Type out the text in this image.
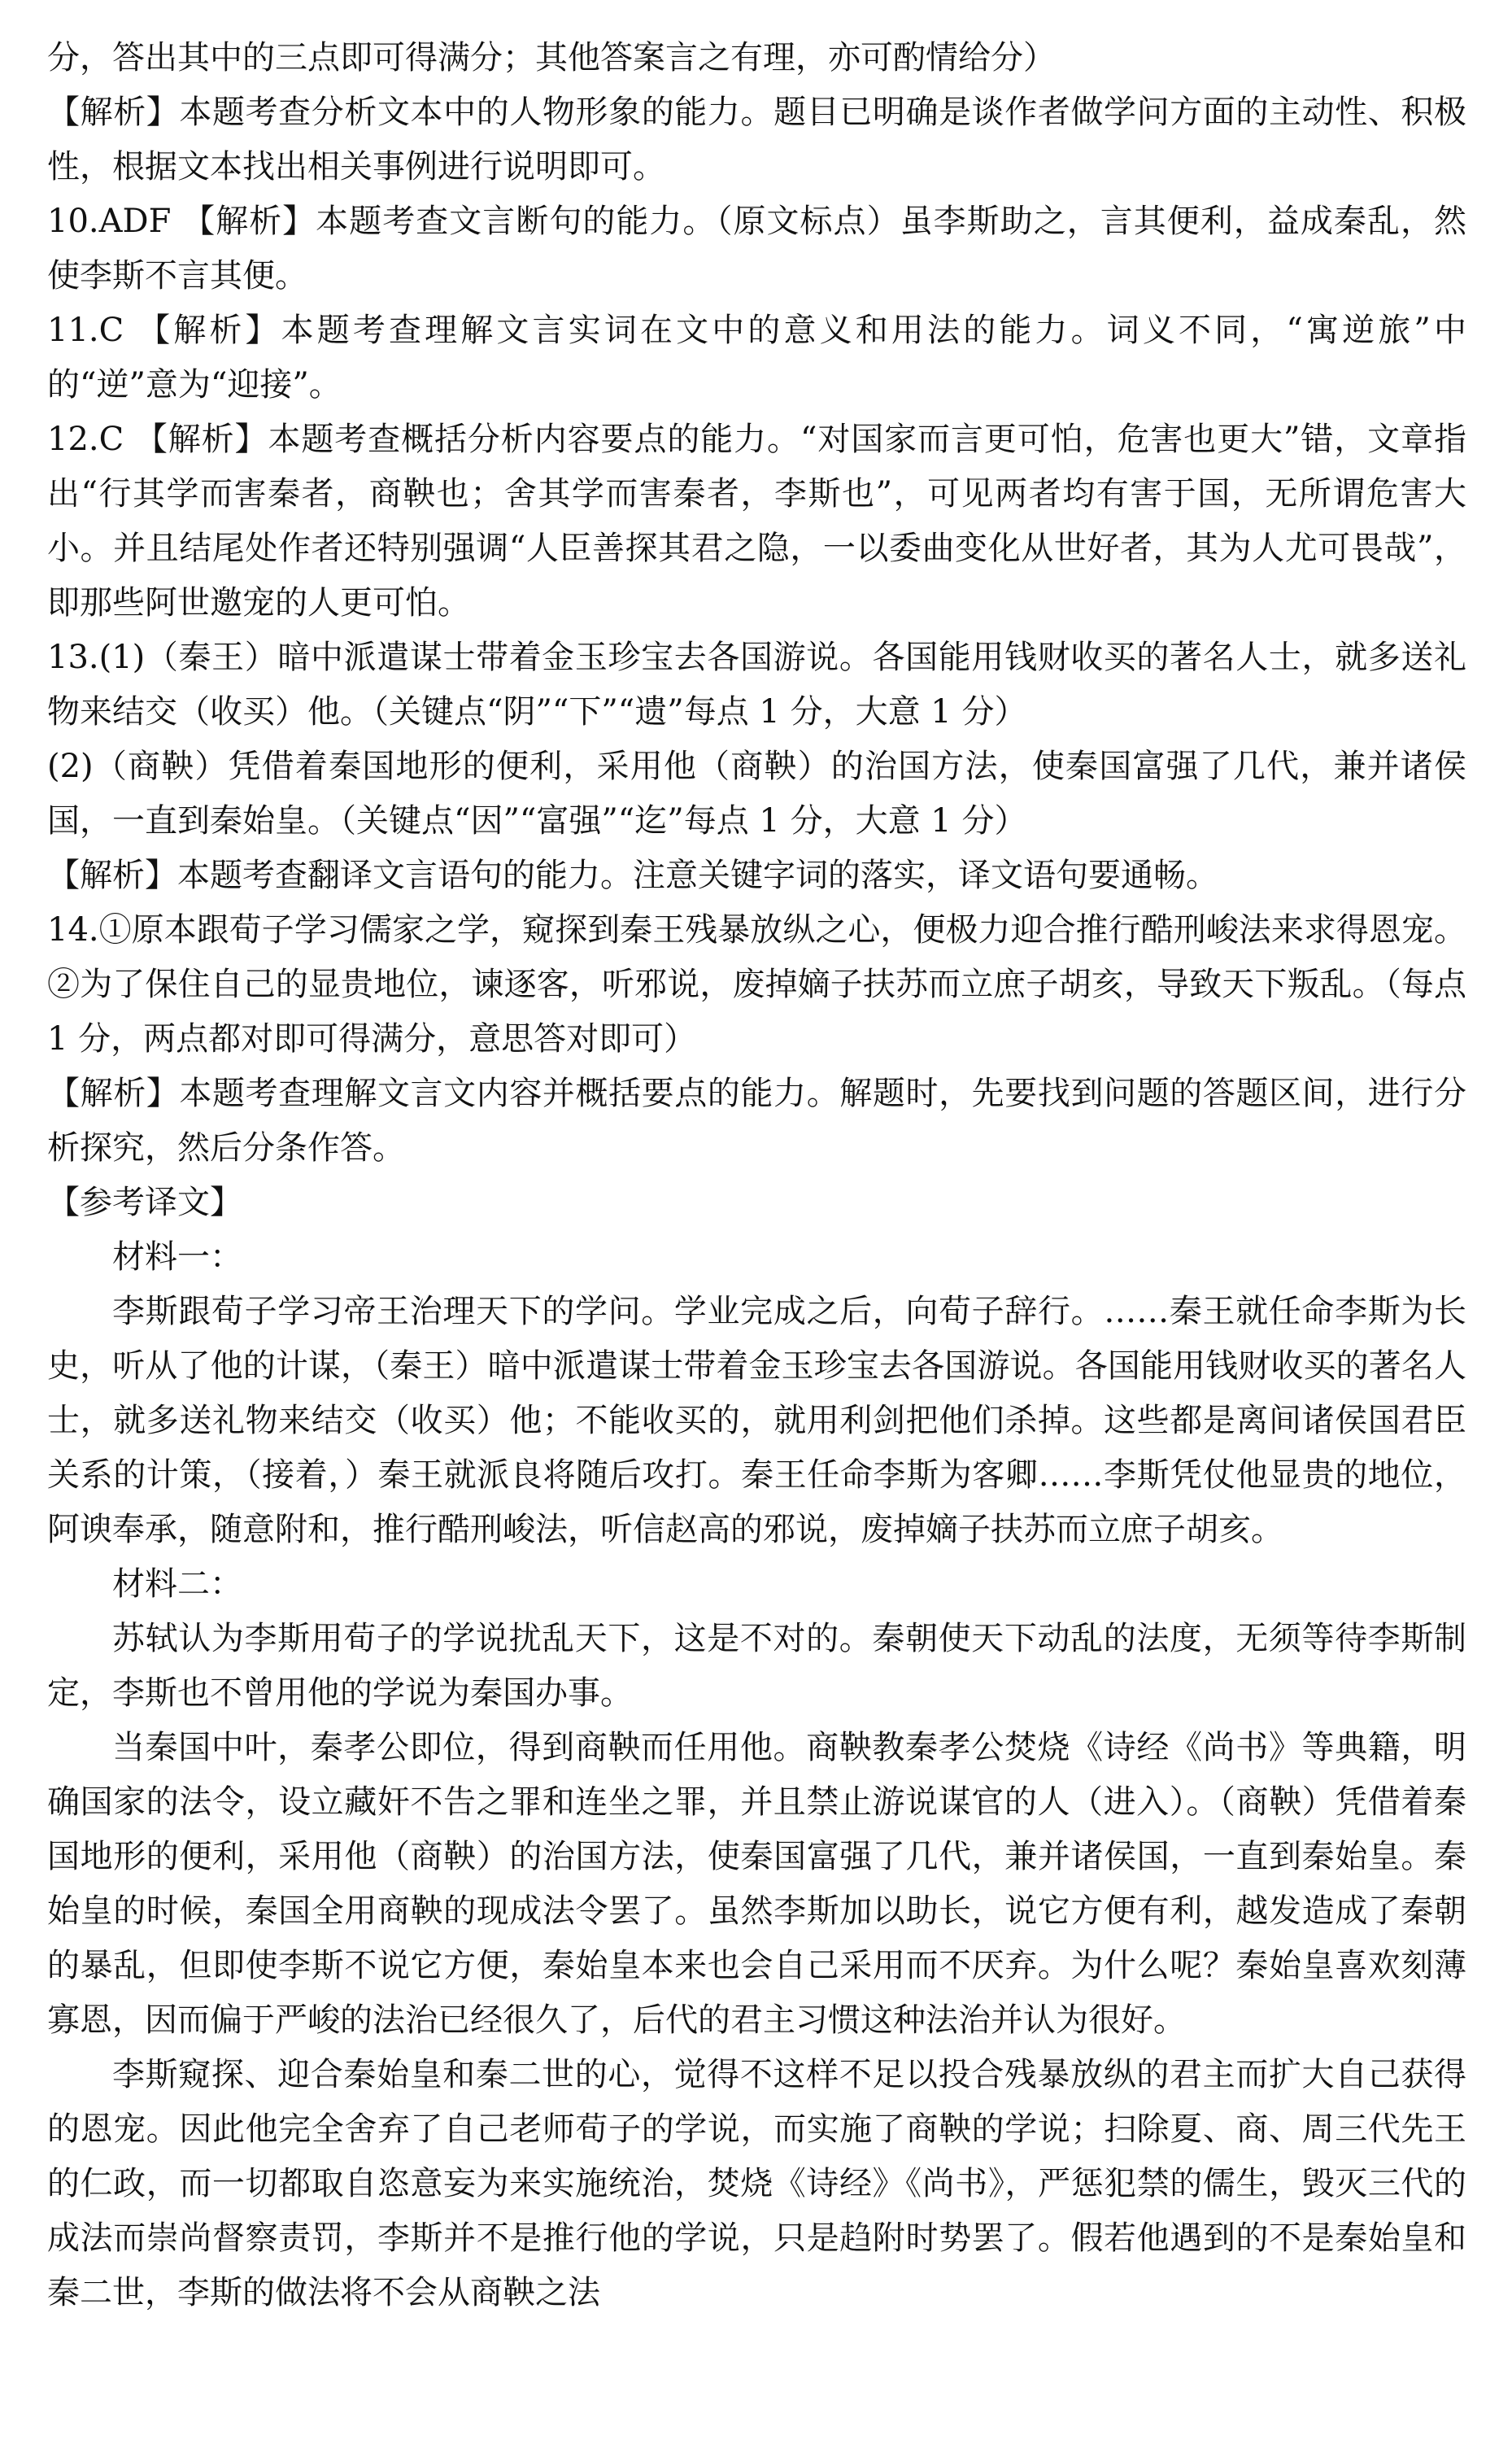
分，答出其中的三点即可得满分；其他答案言之有理，亦可酌情给分）

【解析】本题考查分析文本中的人物形象的能力。题目已明确是谈作者做学问方面的主动性、积极性，根据文本找出相关事例进行说明即可。

10.ADF 【解析】本题考查文言断句的能力。（原文标点）虽李斯助之，言其便利，益成秦乱，然使李斯不言其便。

11.C 【解析】本题考查理解文言实词在文中的意义和用法的能力。词义不同，“寓逆旅”中的“逆”意为“迎接”。

12.C 【解析】本题考查概括分析内容要点的能力。“对国家而言更可怕，危害也更大”错，文章指出“行其学而害秦者，商鞅也；舍其学而害秦者，李斯也”，可见两者均有害于国，无所谓危害大小。并且结尾处作者还特别强调“人臣善探其君之隐，一以委曲变化从世好者，其为人尤可畏哉”，即那些阿世邀宠的人更可怕。

13.(1)（秦王）暗中派遣谋士带着金玉珍宝去各国游说。各国能用钱财收买的著名人士，就多送礼物来结交（收买）他。（关键点“阴”“下”“遗”每点 1 分，大意 1 分）

(2)（商鞅）凭借着秦国地形的便利，采用他（商鞅）的治国方法，使秦国富强了几代，兼并诸侯国，一直到秦始皇。（关键点“因”“富强”“迄”每点 1 分，大意 1 分）

【解析】本题考查翻译文言语句的能力。注意关键字词的落实，译文语句要通畅。

14.①原本跟荀子学习儒家之学，窥探到秦王残暴放纵之心，便极力迎合推行酷刑峻法来求得恩宠。②为了保住自己的显贵地位，谏逐客，听邪说，废掉嫡子扶苏而立庶子胡亥，导致天下叛乱。（每点 1 分，两点都对即可得满分，意思答对即可）

【解析】本题考查理解文言文内容并概括要点的能力。解题时，先要找到问题的答题区间，进行分析探究，然后分条作答。

【参考译文】

材料一：

李斯跟荀子学习帝王治理天下的学问。学业完成之后，向荀子辞行。……秦王就任命李斯为长史，听从了他的计谋，（秦王）暗中派遣谋士带着金玉珍宝去各国游说。各国能用钱财收买的著名人士，就多送礼物来结交（收买）他；不能收买的，就用利剑把他们杀掉。这些都是离间诸侯国君臣关系的计策，（接着，）秦王就派良将随后攻打。秦王任命李斯为客卿……李斯凭仗他显贵的地位，阿谀奉承，随意附和，推行酷刑峻法，听信赵高的邪说，废掉嫡子扶苏而立庶子胡亥。

材料二：

苏轼认为李斯用荀子的学说扰乱天下，这是不对的。秦朝使天下动乱的法度，无须等待李斯制定，李斯也不曾用他的学说为秦国办事。

当秦国中叶，秦孝公即位，得到商鞅而任用他。商鞅教秦孝公焚烧《诗经《尚书》等典籍，明确国家的法令，设立藏奸不告之罪和连坐之罪，并且禁止游说谋官的人（进入）。（商鞅）凭借着秦国地形的便利，采用他（商鞅）的治国方法，使秦国富强了几代，兼并诸侯国，一直到秦始皇。秦始皇的时候，秦国全用商鞅的现成法令罢了。虽然李斯加以助长，说它方便有利，越发造成了秦朝的暴乱，但即使李斯不说它方便，秦始皇本来也会自己采用而不厌弃。为什么呢？秦始皇喜欢刻薄寡恩，因而偏于严峻的法治已经很久了，后代的君主习惯这种法治并认为很好。

李斯窥探、迎合秦始皇和秦二世的心，觉得不这样不足以投合残暴放纵的君主而扩大自己获得的恩宠。因此他完全舍弃了自己老师荀子的学说，而实施了商鞅的学说；扫除夏、商、周三代先王的仁政，而一切都取自恣意妄为来实施统治，焚烧《诗经》《尚书》，严惩犯禁的儒生，毁灭三代的成法而崇尚督察责罚，李斯并不是推行他的学说，只是趋附时势罢了。假若他遇到的不是秦始皇和秦二世，李斯的做法将不会从商鞅之法
